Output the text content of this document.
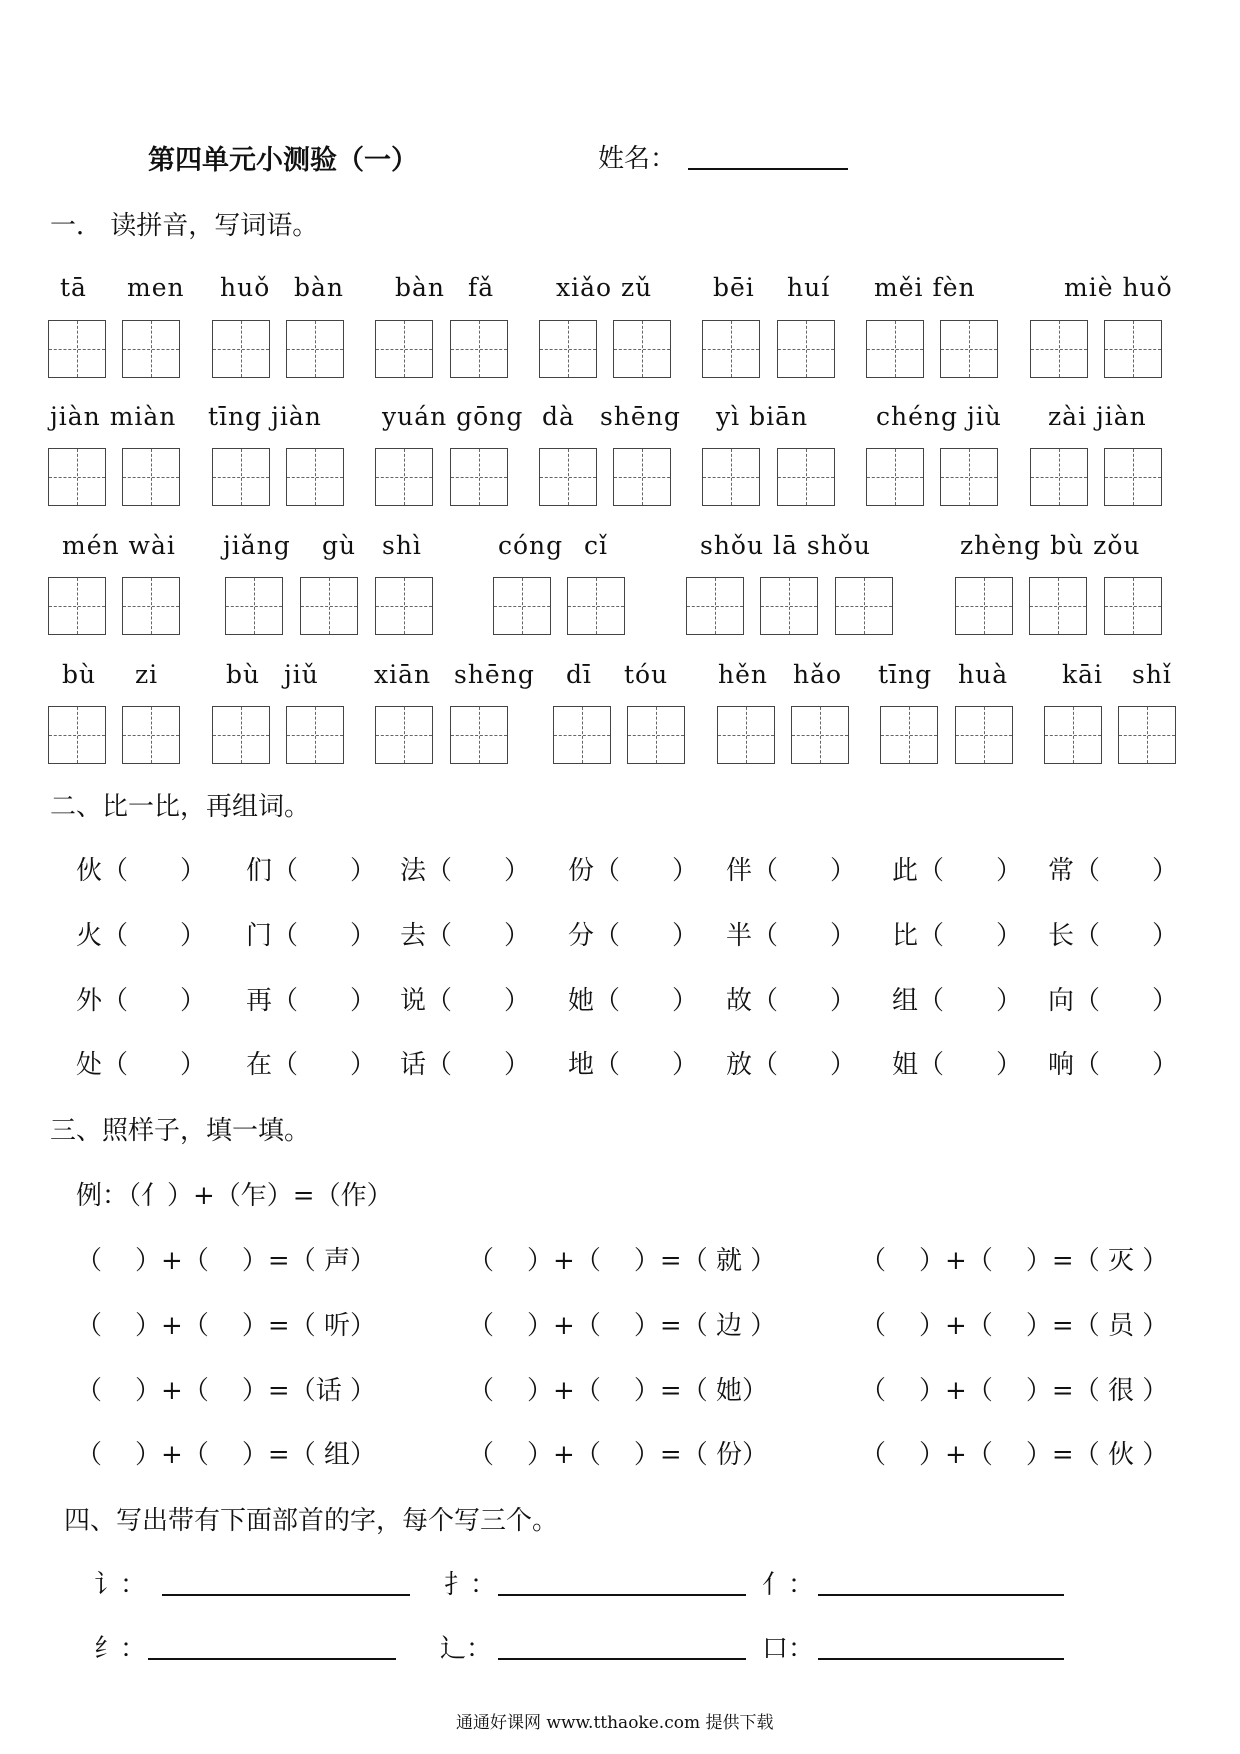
第四单元小测验（一）	姓名：
一． 读拼音，写词语。
tā men huǒ bàn bàn fǎ xiǎo zǔ bēi huí měi fèn	miè huǒ
jiàn miàn tīng jiàn yuán gōng dà shēng yì biān	chéng jiù zài jiàn
mén wài jiǎng gù shì	cóng cǐ	shǒu lā shǒu	zhèng bù zǒu
bù zi	bù jiǔ xiān shēng dī tóu hěn hǎo tīng huà kāi shǐ
二、比一比，再组词。
伙（ ） 们（ ） 法（ ） 份（ ） 伴（ ） 此（ ） 常（ ）
火（ ） 门（ ） 去（ ） 分（ ） 半（ ） 比（ ） 长（ ）
外（ ） 再（ ） 说（ ） 她（ ） 故（ ） 组（ ） 向（ ）
处（ ） 在（ ） 话（ ） 地（ ） 放（ ） 姐（ ） 响（ ）
三、照样子，填一填。
例：（亻）+（乍）=（作）
（    ）+（    ）=（ 声）	（    ）+（    ）=（ 就 ）	（    ）+（    ）=（ 灭 ）
（    ）+（    ）=（ 听）	（    ）+（    ）=（ 边 ）	（    ）+（    ）=（ 员 ）
（    ）+（    ）=（话 ）	（    ）+（    ）=（ 她）	（    ）+（    ）=（ 很 ）
（    ）+（    ）=（ 组）	（    ）+（    ）=（ 份）	（    ）+（    ）=（ 伙 ）
四、写出带有下面部首的字，每个写三个。
讠：	扌：	亻：
纟：	辶：	口：
通通好课网 www.tthaoke.com 提供下载
